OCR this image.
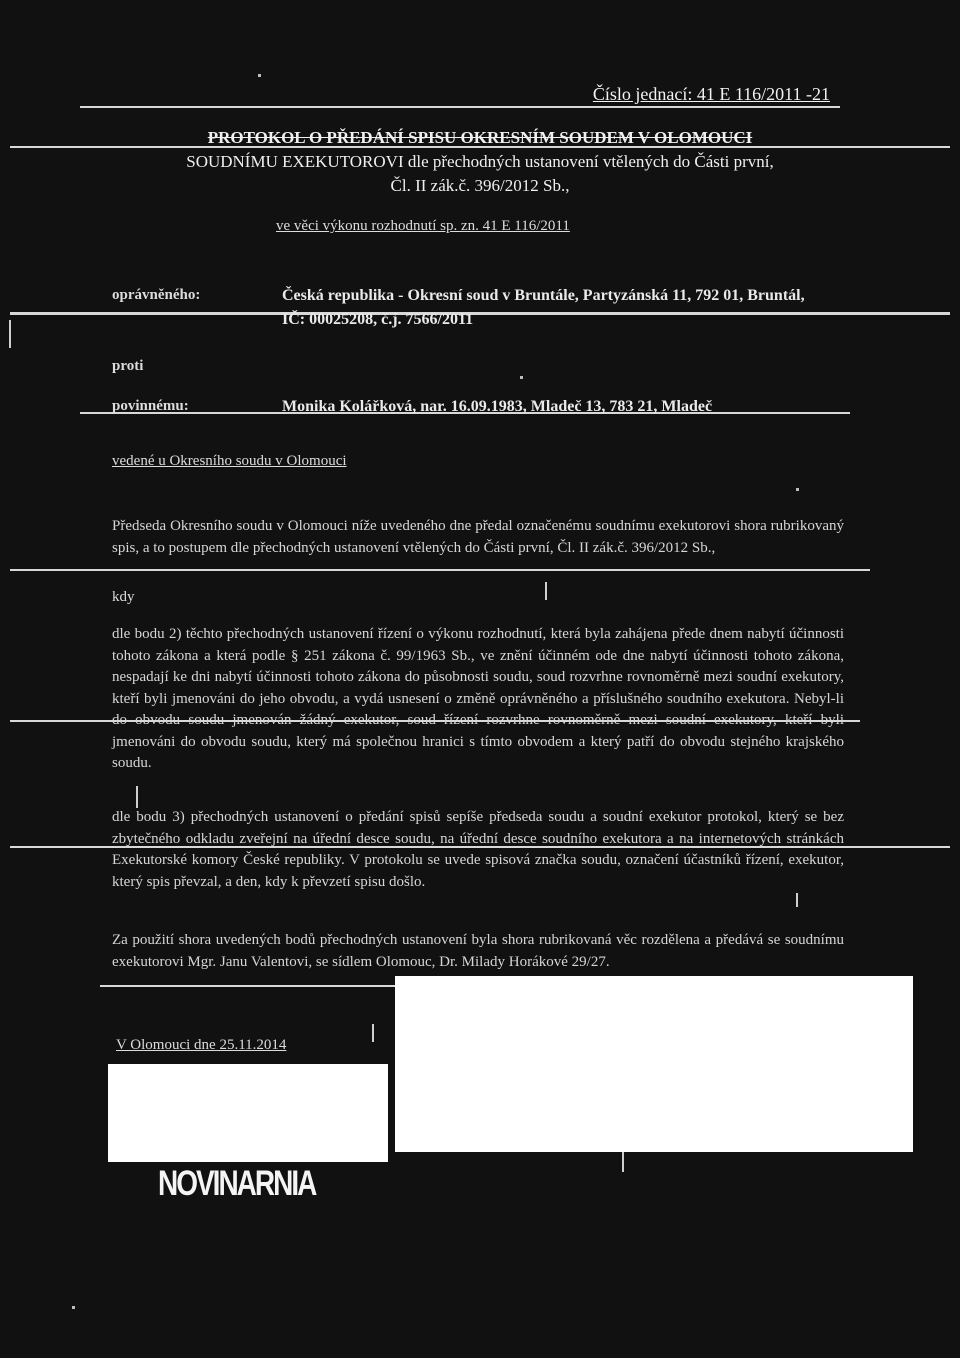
Číslo jednací: 41 E 116/2011 -21
PROTOKOL O PŘEDÁNÍ SPISU OKRESNÍM SOUDEM V OLOMOUCI
SOUDNÍMU EXEKUTOROVI dle přechodných ustanovení vtělených do Části první,
Čl. II zák.č. 396/2012 Sb.,
ve věci výkonu rozhodnutí sp. zn. 41 E 116/2011
oprávněného:	Česká republika - Okresní soud v Bruntále, Partyzánská 11, 792 01, Bruntál, IČ: 00025208, č.j. 7566/2011
proti
povinnému:	Monika Kolářková, nar. 16.09.1983, Mladeč 13, 783 21, Mladeč
vedené u Okresního soudu v Olomouci
Předseda Okresního soudu v Olomouci níže uvedeného dne předal označenému soudnímu exekutorovi shora rubrikovaný spis, a to postupem dle přechodných ustanovení vtělených do Části první, Čl. II zák.č. 396/2012 Sb.,
kdy
dle bodu 2) těchto přechodných ustanovení řízení o výkonu rozhodnutí, která byla zahájena přede dnem nabytí účinnosti tohoto zákona a která podle § 251 zákona č. 99/1963 Sb., ve znění účinném ode dne nabytí účinnosti tohoto zákona, nespadají ke dni nabytí účinnosti tohoto zákona do působnosti soudu, soud rozvrhne rovnoměrně mezi soudní exekutory, kteří byli jmenováni do jeho obvodu, a vydá usnesení o změně oprávněného a příslušného soudního exekutora. Nebyl-li do obvodu soudu jmenován žádný exekutor, soud řízení rozvrhne rovnoměrně mezi soudní exekutory, kteří byli jmenováni do obvodu soudu, který má společnou hranici s tímto obvodem a který patří do obvodu stejného krajského soudu.
dle bodu 3) přechodných ustanovení o předání spisů sepíše předseda soudu a soudní exekutor protokol, který se bez zbytečného odkladu zveřejní na úřední desce soudu, na úřední desce soudního exekutora a na internetových stránkách Exekutorské komory České republiky. V protokolu se uvede spisová značka soudu, označení účastníků řízení, exekutor, který spis převzal, a den, kdy k převzetí spisu došlo.
Za použití shora uvedených bodů přechodných ustanovení byla shora rubrikovaná věc rozdělena a předává se soudnímu exekutorovi Mgr. Janu Valentovi, se sídlem Olomouc, Dr. Milady Horákové 29/27.
V Olomouci dne 25.11.2014
NOVINARNIA
